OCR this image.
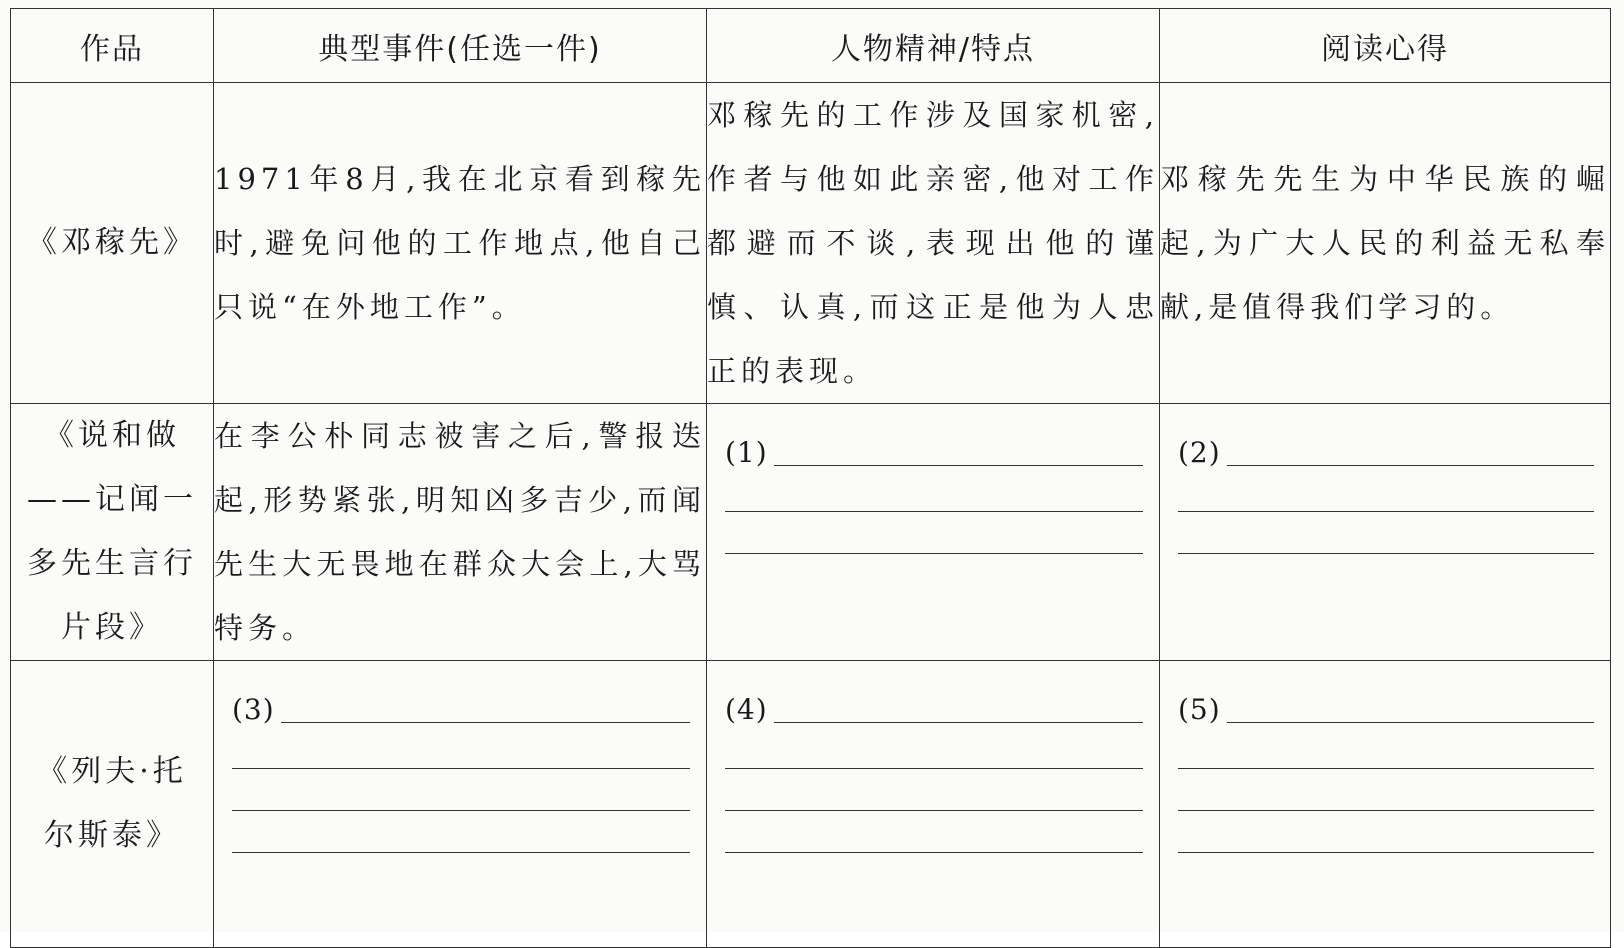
作品	典型事件(任选一件)	人物精神/特点	阅读心得
《邓稼先》	1971年8月,我在北京看到稼先时,避免问他的工作地点,他自己只说“在外地工作”。	邓稼先的工作涉及国家机密,作者与他如此亲密,他对工作都避而不谈,表现出他的谨慎、认真,而这正是他为人忠正的表现。	邓稼先先生为中华民族的崛起,为广大人民的利益无私奉献,是值得我们学习的。
《说和做——记闻一多先生言行片段》	在李公朴同志被害之后,警报迭起,形势紧张,明知凶多吉少,而闻先生大无畏地在群众大会上,大骂特务。	(1)	(2)

《列夫·托尔斯泰》	(3)	(4)	(5)
